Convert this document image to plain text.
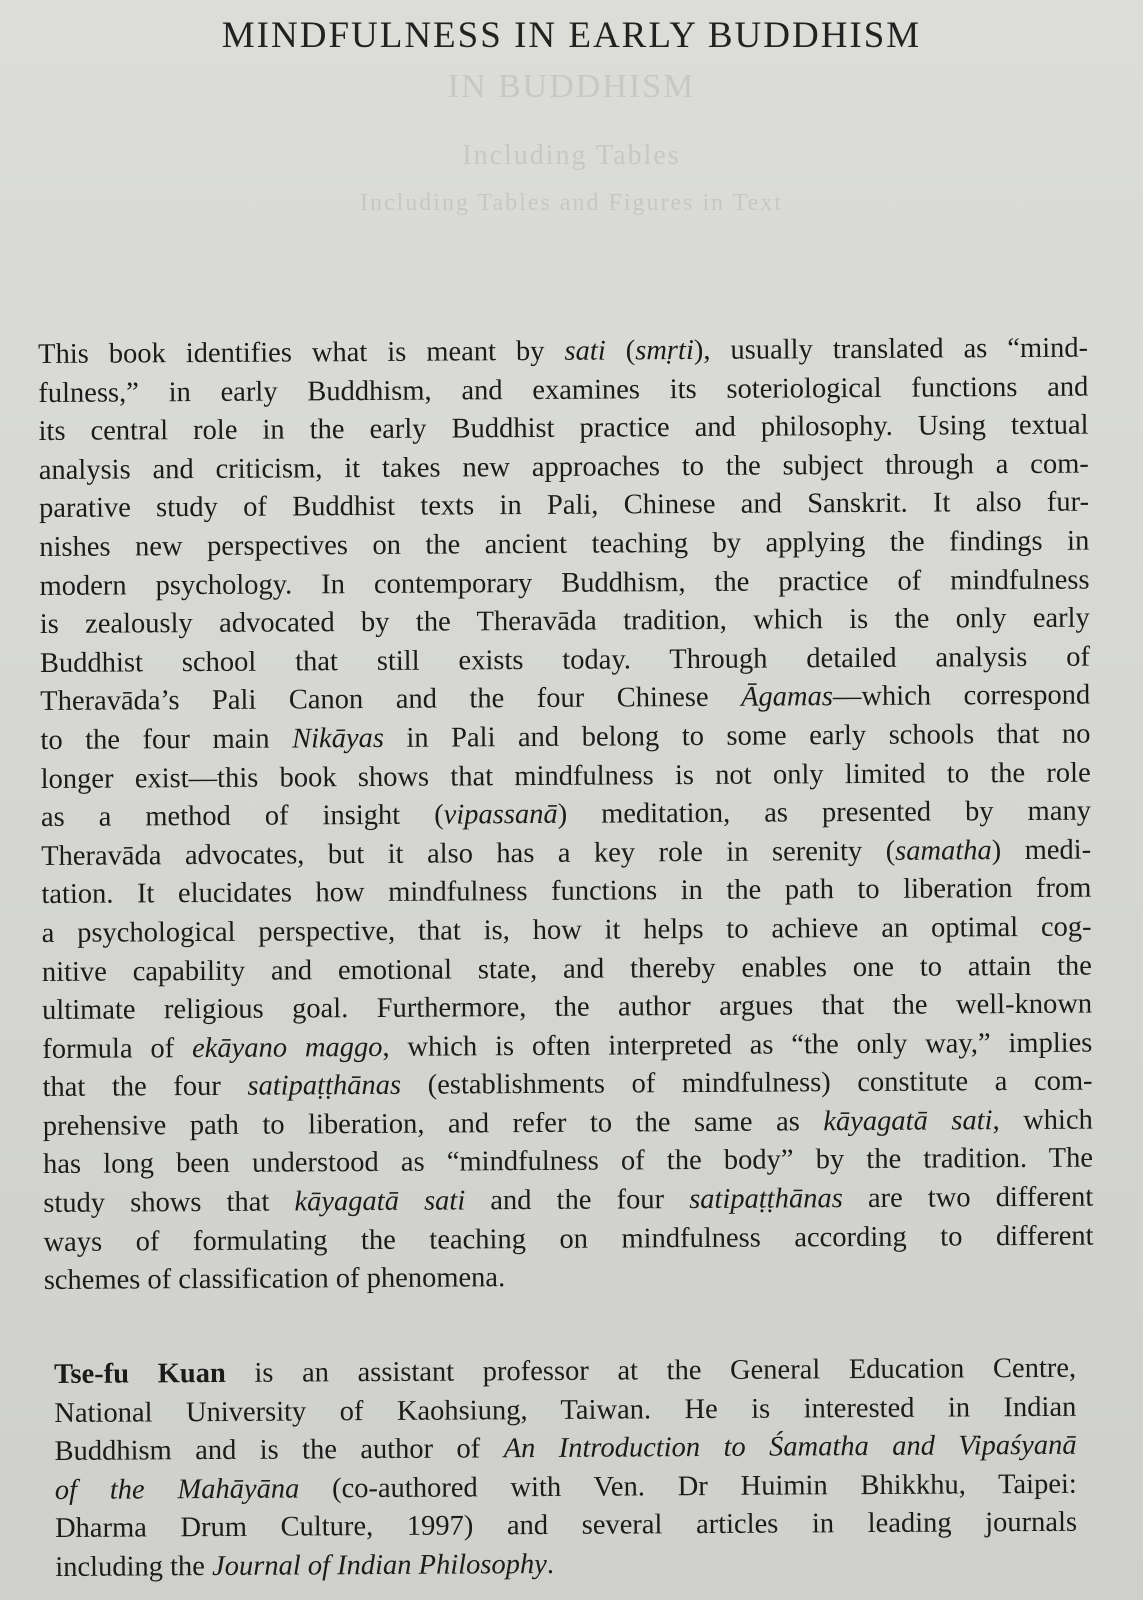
IN BUDDHISM
Including Tables
Including Tables and Figures in Text
MINDFULNESS IN EARLY BUDDHISM
This book identifies what is meant by sati (smṛti), usually translated as “mind-
fulness,” in early Buddhism, and examines its soteriological functions and
its central role in the early Buddhist practice and philosophy. Using textual
analysis and criticism, it takes new approaches to the subject through a com-
parative study of Buddhist texts in Pali, Chinese and Sanskrit. It also fur-
nishes new perspectives on the ancient teaching by applying the findings in
modern psychology. In contemporary Buddhism, the practice of mindfulness
is zealously advocated by the Theravāda tradition, which is the only early
Buddhist school that still exists today. Through detailed analysis of
Theravāda’s Pali Canon and the four Chinese Āgamas—which correspond
to the four main Nikāyas in Pali and belong to some early schools that no
longer exist—this book shows that mindfulness is not only limited to the role
as a method of insight (vipassanā) meditation, as presented by many
Theravāda advocates, but it also has a key role in serenity (samatha) medi-
tation. It elucidates how mindfulness functions in the path to liberation from
a psychological perspective, that is, how it helps to achieve an optimal cog-
nitive capability and emotional state, and thereby enables one to attain the
ultimate religious goal. Furthermore, the author argues that the well-known
formula of ekāyano maggo, which is often interpreted as “the only way,” implies
that the four satipaṭṭhānas (establishments of mindfulness) constitute a com-
prehensive path to liberation, and refer to the same as kāyagatā sati, which
has long been understood as “mindfulness of the body” by the tradition. The
study shows that kāyagatā sati and the four satipaṭṭhānas are two different
ways of formulating the teaching on mindfulness according to different
schemes of classification of phenomena.
Tse-fu Kuan is an assistant professor at the General Education Centre,
National University of Kaohsiung, Taiwan. He is interested in Indian
Buddhism and is the author of An Introduction to Śamatha and Vipaśyanā
of the Mahāyāna (co-authored with Ven. Dr Huimin Bhikkhu, Taipei:
Dharma Drum Culture, 1997) and several articles in leading journals
including the Journal of Indian Philosophy.
